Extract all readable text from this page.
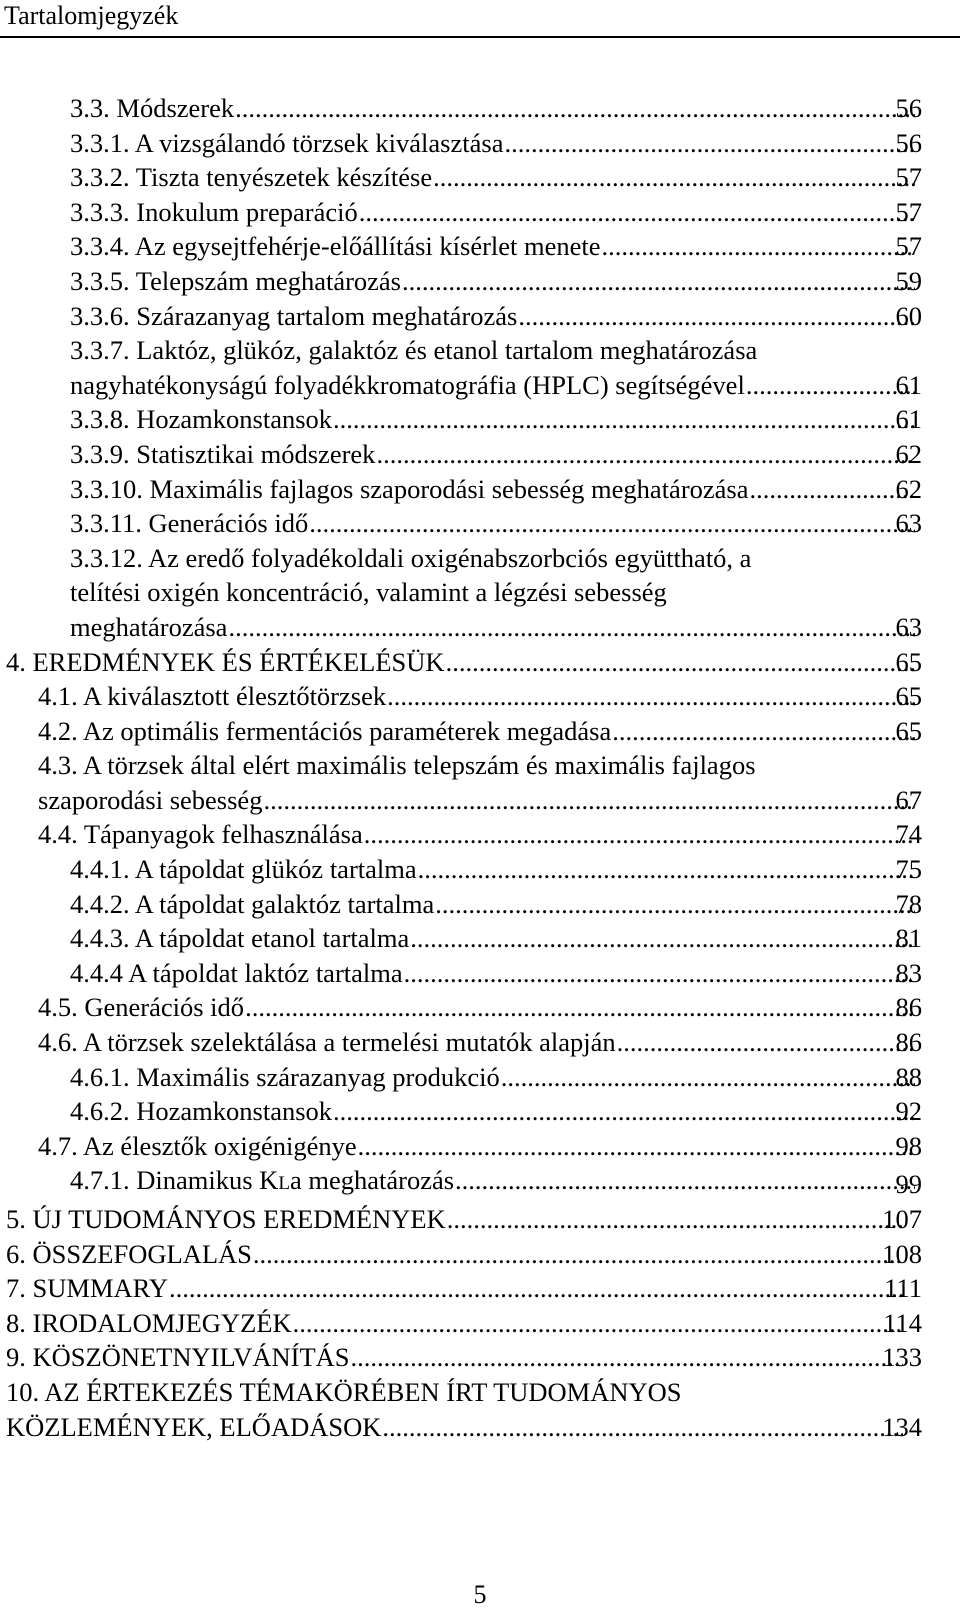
Tartalomjegyzék
3.3. Módszerek .....	56
3.3.1. A vizsgálandó törzsek kiválasztása .....	56
3.3.2. Tiszta tenyészetek készítése .....	57
3.3.3. Inokulum preparáció .....	57
3.3.4. Az egysejtfehérje-előállítási kísérlet menete .....	57
3.3.5. Telepszám meghatározás .....	59
3.3.6. Szárazanyag tartalom meghatározás .....	60
3.3.7. Laktóz, glükóz, galaktóz és etanol tartalom meghatározása
nagyhatékonyságú folyadékkromatográfia (HPLC) segítségével .....	61
3.3.8. Hozamkonstansok .....	61
3.3.9. Statisztikai módszerek .....	62
3.3.10. Maximális fajlagos szaporodási sebesség meghatározása .....	62
3.3.11. Generációs idő .....	63
3.3.12. Az eredő folyadékoldali oxigénabszorbciós együttható, a
telítési oxigén koncentráció, valamint a légzési sebesség
meghatározása .....	63
4. EREDMÉNYEK ÉS ÉRTÉKELÉSÜK .....	65
4.1. A kiválasztott élesztőtörzsek .....	65
4.2. Az optimális fermentációs paraméterek megadása .....	65
4.3. A törzsek által elért maximális telepszám és maximális fajlagos
szaporodási sebesség .....	67
4.4. Tápanyagok felhasználása .....	74
4.4.1. A tápoldat glükóz tartalma .....	75
4.4.2. A tápoldat galaktóz tartalma .....	78
4.4.3. A tápoldat etanol tartalma .....	81
4.4.4 A tápoldat laktóz tartalma .....	83
4.5. Generációs idő .....	86
4.6. A törzsek szelektálása a termelési mutatók alapján .....	86
4.6.1. Maximális szárazanyag produkció .....	88
4.6.2. Hozamkonstansok .....	92
4.7. Az élesztők oxigénigénye .....	98
4.7.1. Dinamikus K L a meghatározás .....	99
5. ÚJ TUDOMÁNYOS EREDMÉNYEK .....	107
6. ÖSSZEFOGLALÁS .....	108
7. SUMMARY .....	111
8. IRODALOMJEGYZÉK .....	114
9. KÖSZÖNETNYILVÁNÍTÁS .....	133
10. AZ ÉRTEKEZÉS TÉMAKÖRÉBEN ÍRT TUDOMÁNYOS
KÖZLEMÉNYEK, ELŐADÁSOK .....	134
5
